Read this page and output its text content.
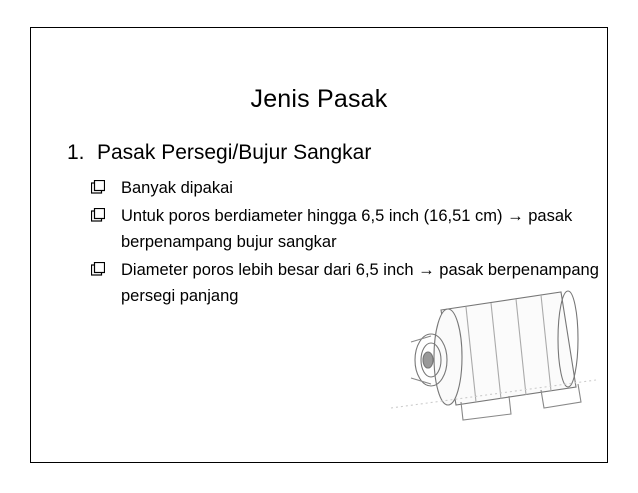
Jenis Pasak
1. Pasak Persegi/Bujur Sangkar
Banyak dipakai
Untuk poros berdiameter hingga 6,5 inch (16,51 cm) → pasak berpenampang bujur sangkar
Diameter poros lebih besar dari 6,5 inch → pasak berpenampang persegi panjang
